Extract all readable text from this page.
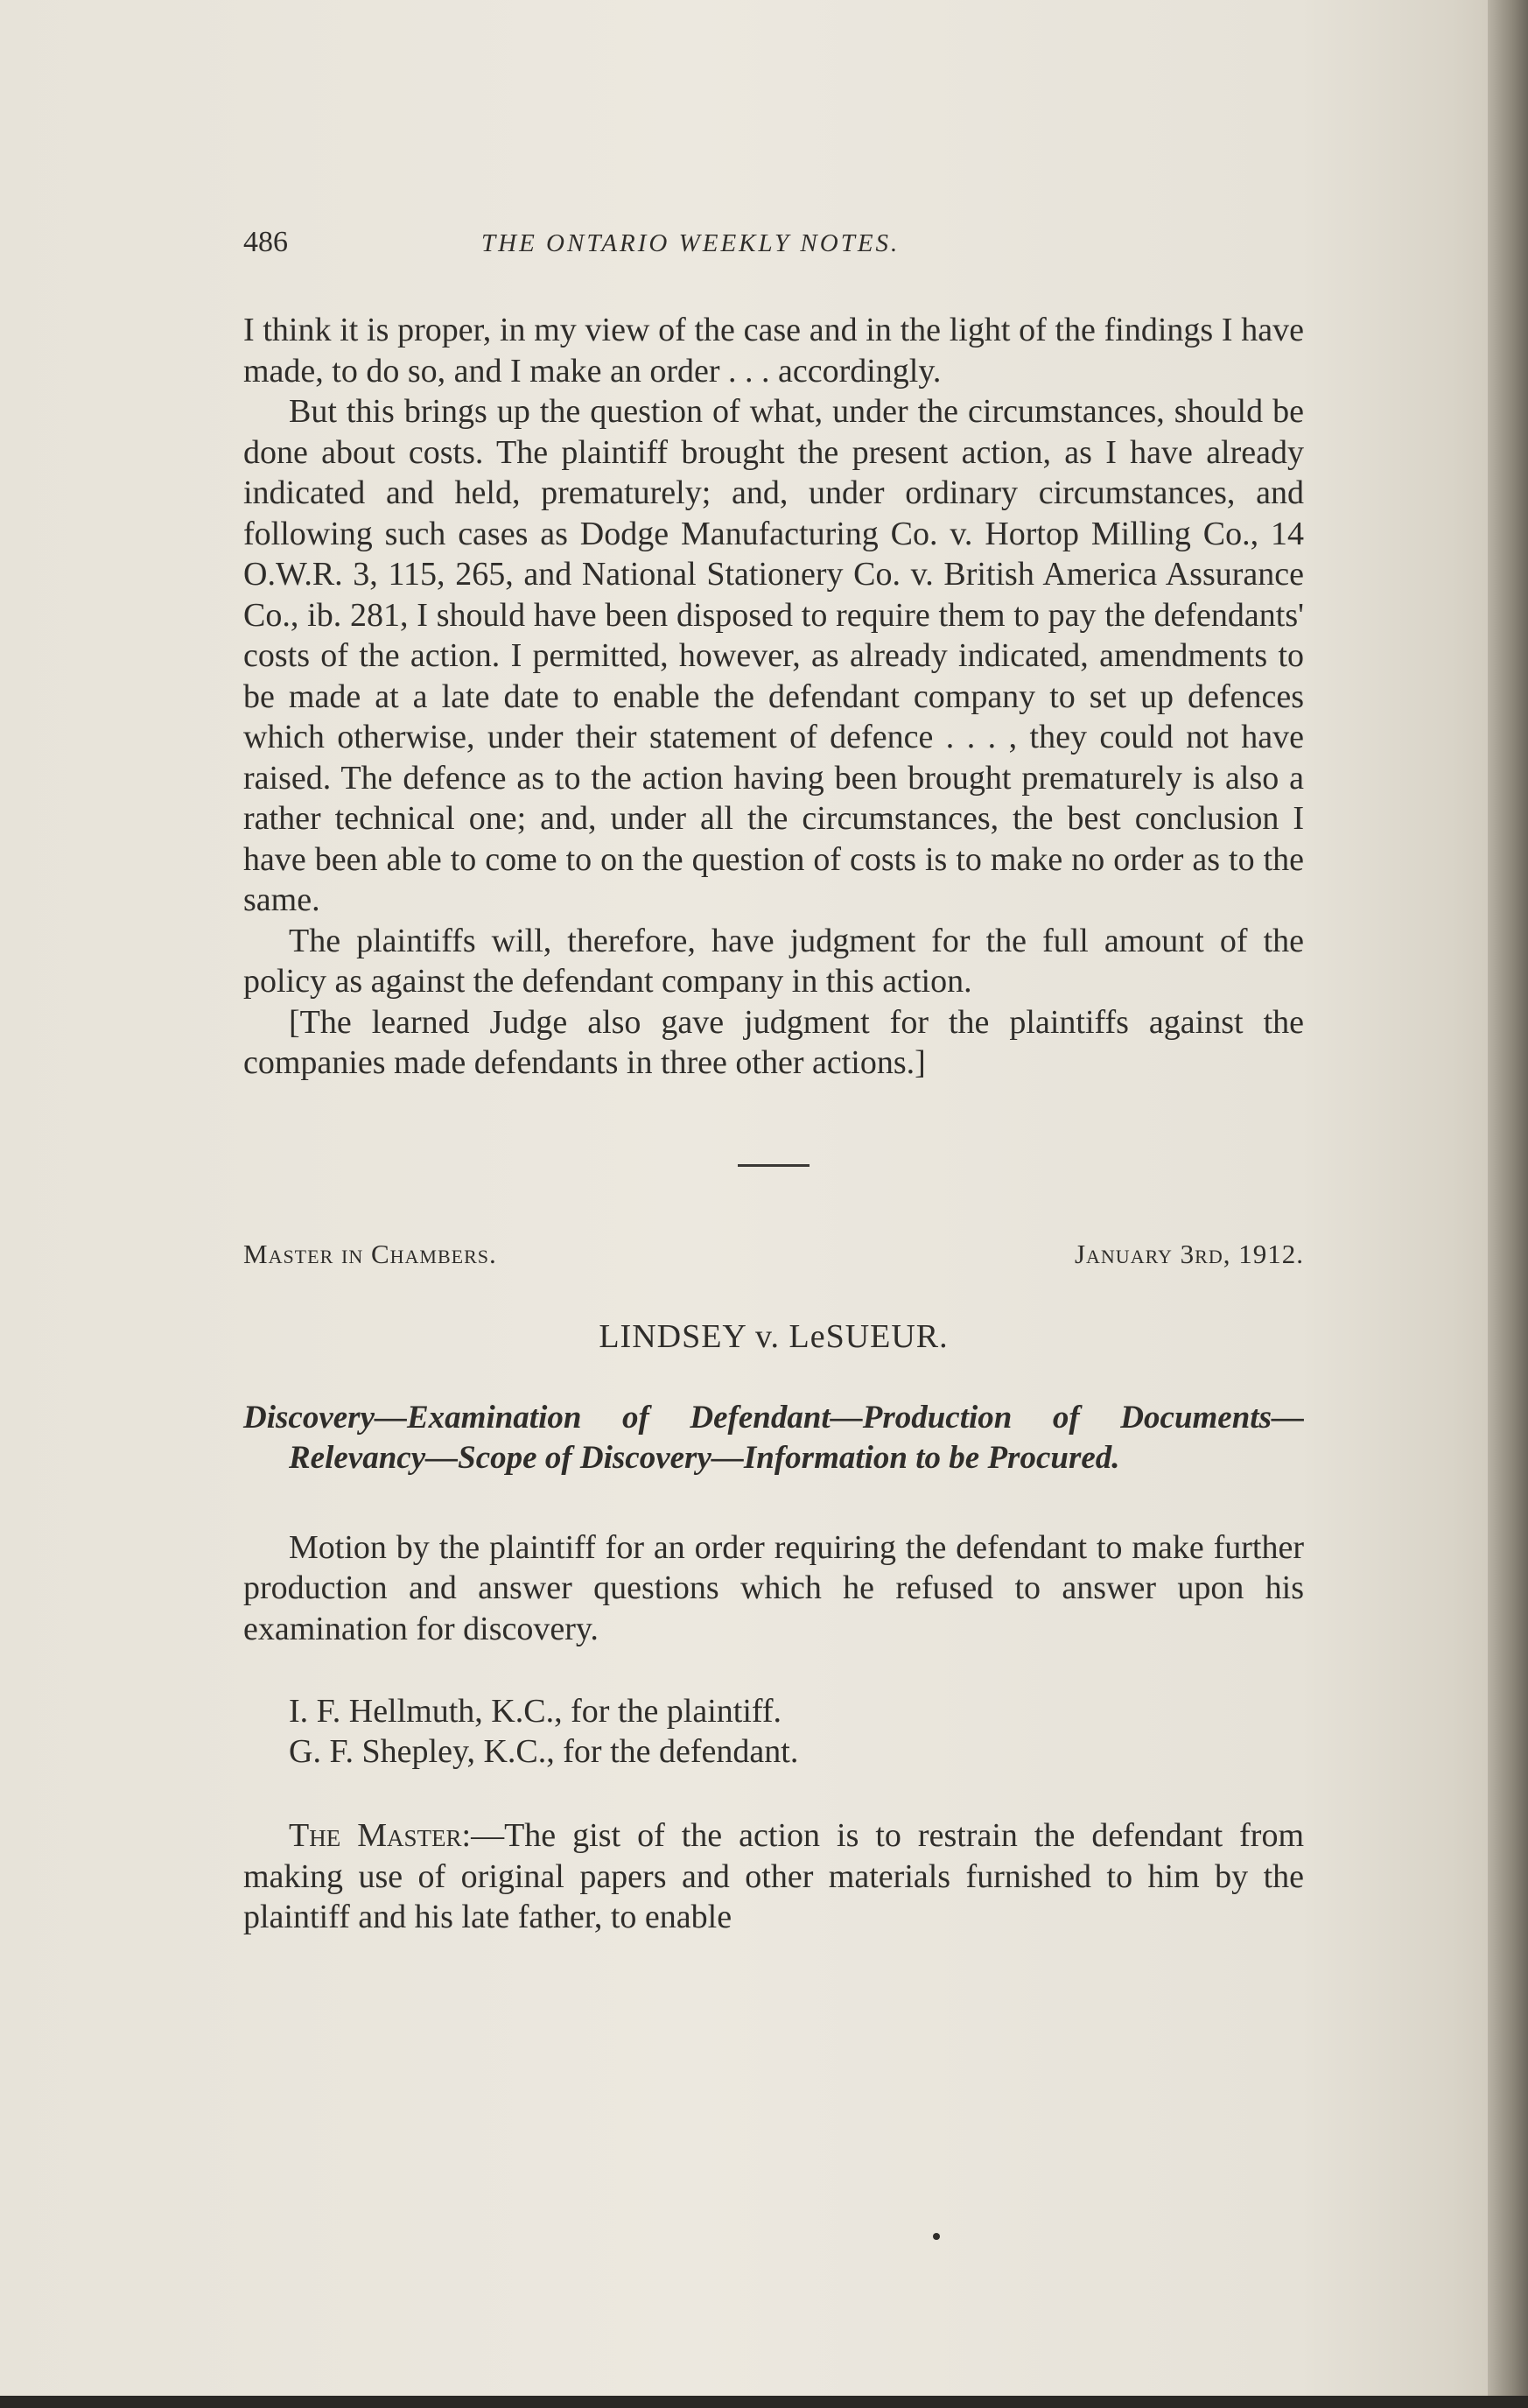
486	THE ONTARIO WEEKLY NOTES.

I think it is proper, in my view of the case and in the light of the findings I have made, to do so, and I make an order . . . accordingly.

But this brings up the question of what, under the circumstances, should be done about costs. The plaintiff brought the present action, as I have already indicated and held, prematurely; and, under ordinary circumstances, and following such cases as Dodge Manufacturing Co. v. Hortop Milling Co., 14 O.W.R. 3, 115, 265, and National Stationery Co. v. British America Assurance Co., ib. 281, I should have been disposed to require them to pay the defendants' costs of the action. I permitted, however, as already indicated, amendments to be made at a late date to enable the defendant company to set up defences which otherwise, under their statement of defence . . . , they could not have raised. The defence as to the action having been brought prematurely is also a rather technical one; and, under all the circumstances, the best conclusion I have been able to come to on the question of costs is to make no order as to the same.

The plaintiffs will, therefore, have judgment for the full amount of the policy as against the defendant company in this action.

[The learned Judge also gave judgment for the plaintiffs against the companies made defendants in three other actions.]

Master in Chambers.	January 3rd, 1912.
LINDSEY v. LeSUEUR.
Discovery—Examination of Defendant—Production of Documents—Relevancy—Scope of Discovery—Information to be Procured.

Motion by the plaintiff for an order requiring the defendant to make further production and answer questions which he refused to answer upon his examination for discovery.

I. F. Hellmuth, K.C., for the plaintiff.
G. F. Shepley, K.C., for the defendant.

The Master:—The gist of the action is to restrain the defendant from making use of original papers and other materials furnished to him by the plaintiff and his late father, to enable
